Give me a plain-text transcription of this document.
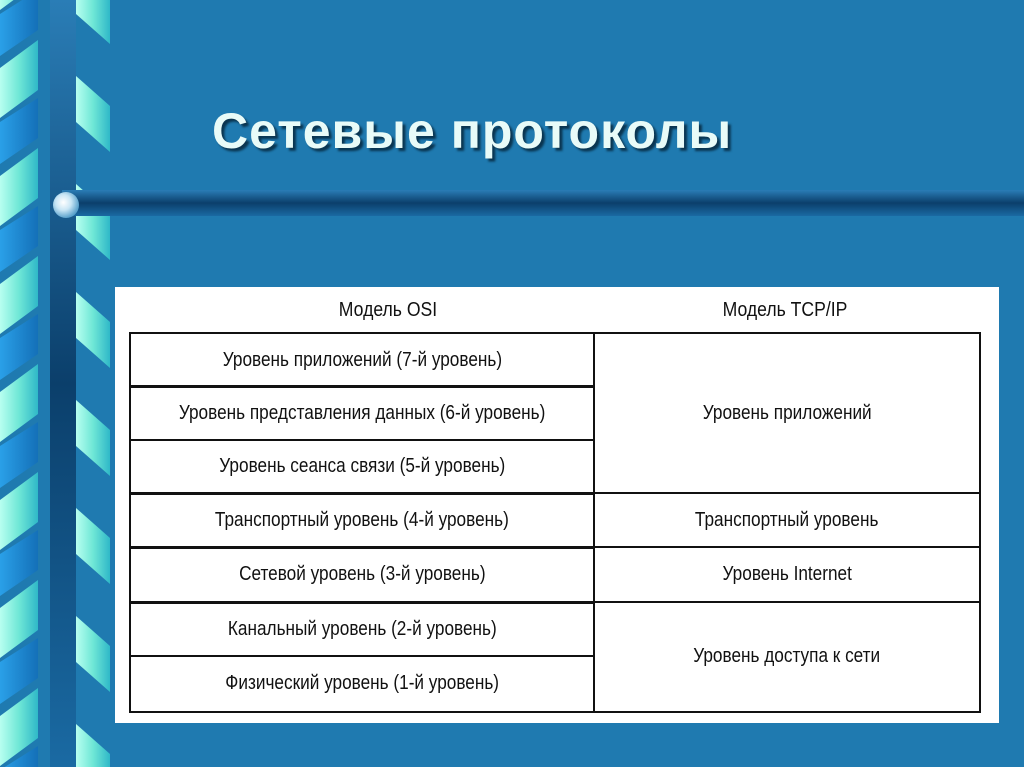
Сетевые протоколы
Модель OSI	Модель TCP/IP
Уровень приложений (7-й уровень)
Уровень представления данных (6-й уровень)
Уровень сеанса связи (5-й уровень)
Транспортный уровень (4-й уровень)
Сетевой уровень (3-й уровень)
Канальный уровень (2-й уровень)
Физический уровень (1-й уровень)
Уровень приложений
Транспортный уровень
Уровень Internet
Уровень доступа к сети
